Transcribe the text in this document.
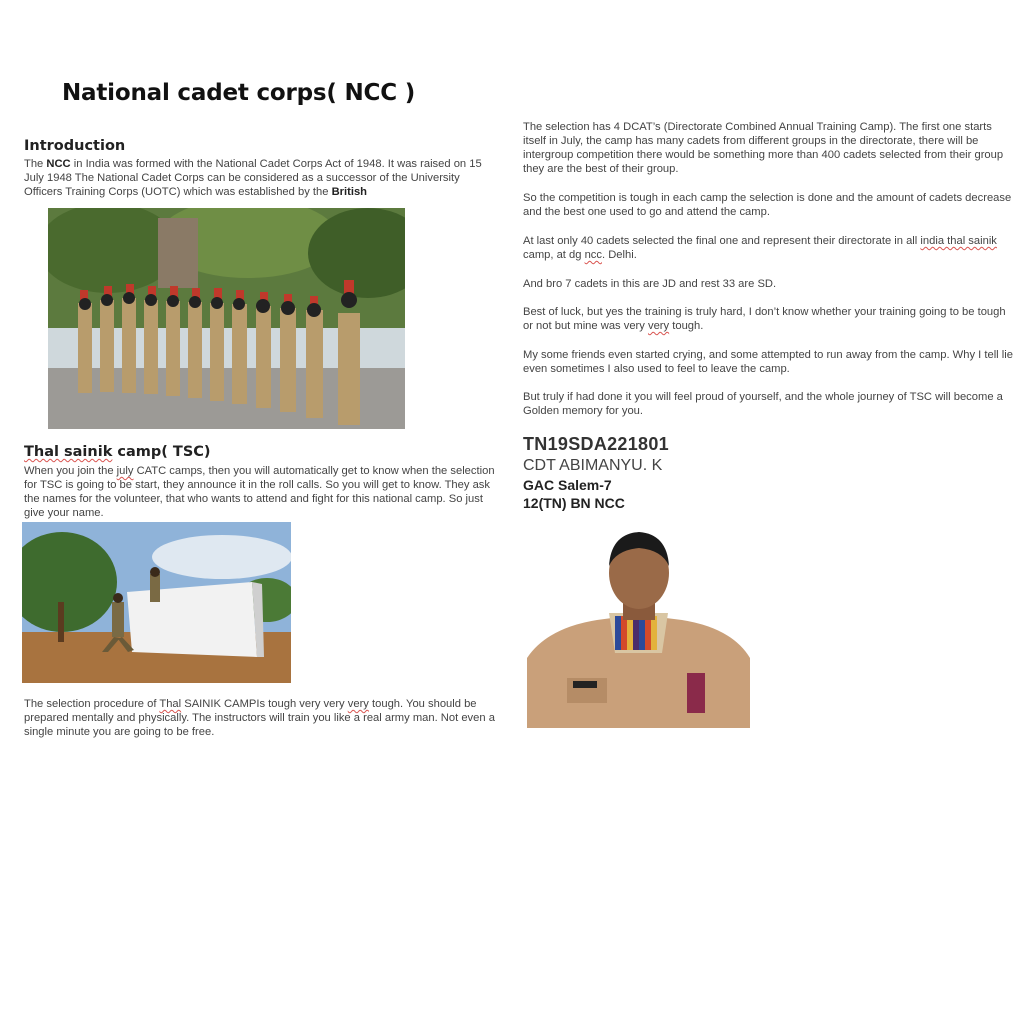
National cadet corps( NCC )
Introduction

The NCC in India was formed with the National Cadet Corps Act of 1948. It was raised on 15 July 1948 The National Cadet Corps can be considered as a successor of the University Officers Training Corps (UOTC) which was established by the British

Thal sainik camp( TSC)

When you join the july CATC camps, then you will automatically get to know when the selection for TSC is going to be start, they announce it in the roll calls. So you will get to know. They ask the names for the volunteer, that who wants to attend and fight for this national camp. So just give your name.

The selection procedure of Thal SAINIK CAMPIs tough very very very tough. You should be prepared mentally and physically. The instructors will train you like a real army man. Not even a single minute you are going to be free.

The selection has 4 DCAT’s (Directorate Combined Annual Training Camp). The first one starts itself in July, the camp has many cadets from different groups in the directorate, there will be intergroup competition there would be something more than 400 cadets selected from their group they are the best of their group.

So the competition is tough in each camp the selection is done and the amount of cadets decrease and the best one used to go and attend the camp.

At last only 40 cadets selected the final one and represent their directorate in all india thal sainik camp, at dg ncc. Delhi.

And bro 7 cadets in this are JD and rest 33 are SD.

Best of luck, but yes the training is truly hard, I don’t know whether your training going to be tough or not but mine was very very tough.

My some friends even started crying, and some attempted to run away from the camp. Why I tell lie even sometimes I also used to feel to leave the camp.

But truly if had done it you will feel proud of yourself, and the whole journey of TSC will become a Golden memory for you.

TN19SDA221801
CDT ABIMANYU. K
GAC Salem-7
12(TN) BN NCC
